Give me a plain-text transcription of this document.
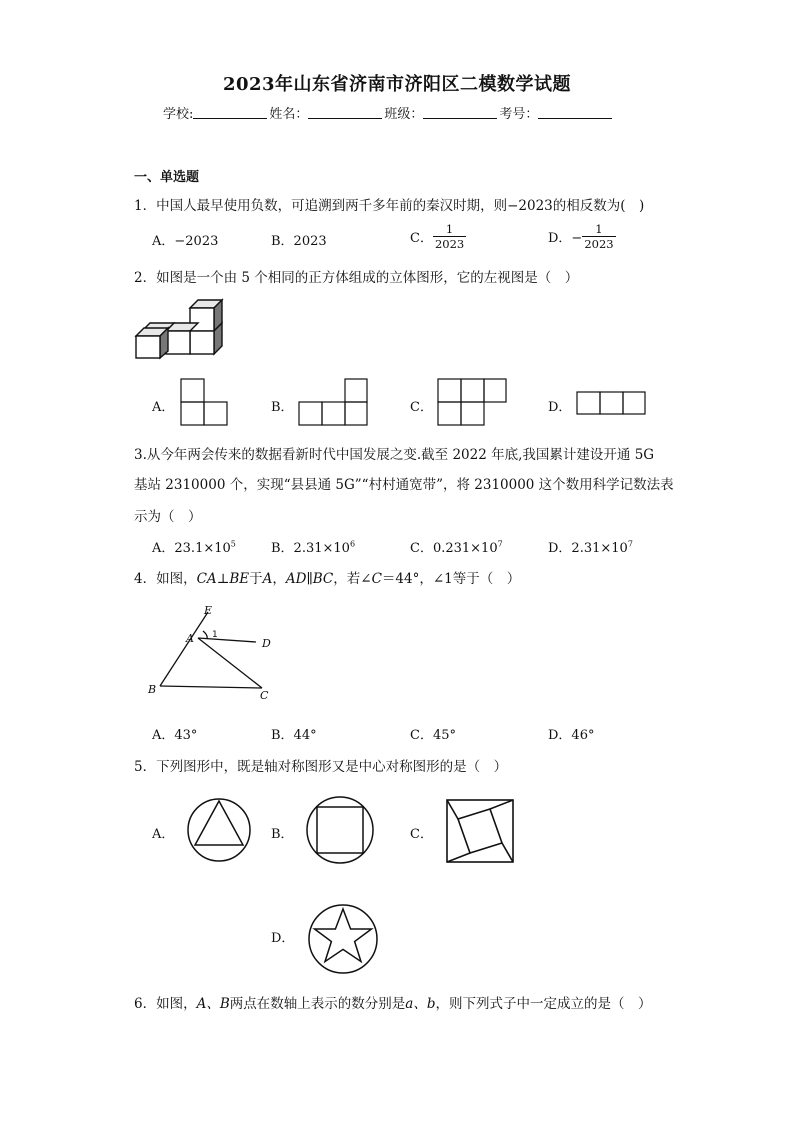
2023年山东省济南市济阳区二模数学试题
学校:	姓名：	班级：	考号：
一、单选题
1．中国人最早使用负数，可追溯到两千多年前的秦汉时期，则−2023的相反数为(　)
A．−2023	B．2023	C． $\frac{1}{2023}$	D．− $\frac{1}{2023}$
2．如图是一个由 5 个相同的正方体组成的立体图形，它的左视图是（　）
A．	B．	C．	D．
3.从今年两会传来的数据看新时代中国发展之变.截至 2022 年底,我国累计建设开通 5G
基站 2310000 个，实现“县县通 5G”“村村通宽带”，将 2310000 这个数用科学记数法表
示为（　）
A．$23.1\times 10^5$	B．$2.31\times 10^6$	C．$0.231\times 10^7$	D．$2.31\times 10^7$
4．如图，CA⊥BE于A，AD∥BC，若∠C＝44°，∠1等于（　）
E
A	D
B	C
1
A．43°	B．44°	C．45°	D．46°
5．下列图形中，既是轴对称图形又是中心对称图形的是（　）
A．	B．	C．
D．
6．如图，A、B两点在数轴上表示的数分别是a、b，则下列式子中一定成立的是（　）
